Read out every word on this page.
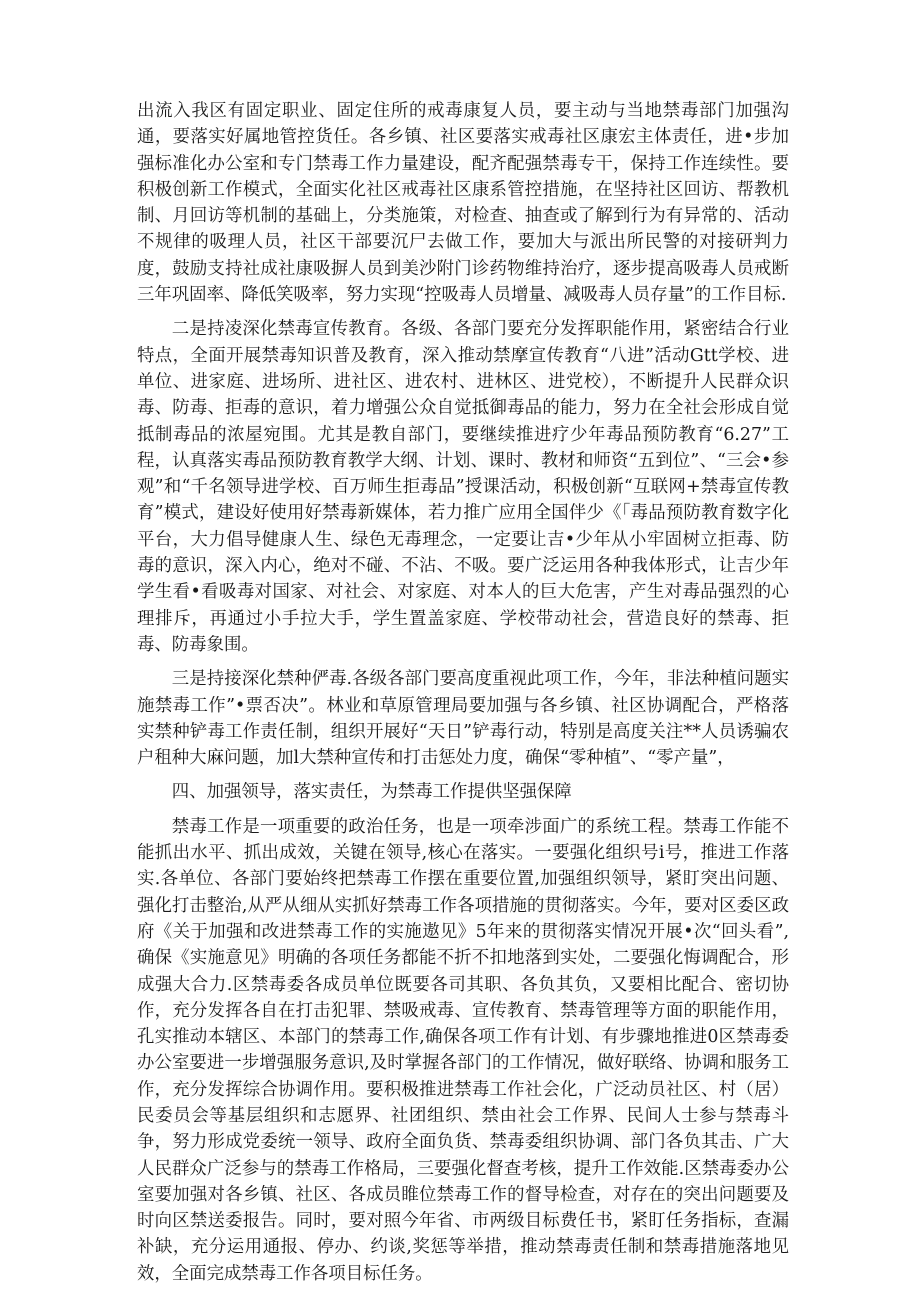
出流入我区有固定职业、固定住所的戒毒康复人员，要主动与当地禁毒部门加强沟通，要落实好属地管控货任。各乡镇、社区要落实戒毒社区康宏主体责任，进•步加强标准化办公室和专门禁毒工作力量建设，配齐配强禁毒专干，保持工作连续性。要积极创新工作模式，全面实化社区戒毒社区康系管控措施，在坚持社区回访、帮教机制、月回访等机制的基础上，分类施策，对检查、抽查或了解到行为有异常的、活动不规律的吸理人员，社区干部要沉尸去做工作，要加大与派出所民警的对接研判力度，鼓励支持社成社康吸摒人员到美沙附门诊药物维持治疗，逐步提高吸毒人员戒断三年巩固率、降低笑吸率，努力实现“控吸毒人员增量、减吸毒人员存量”的工作目标.

二是持凌深化禁毒宣传教育。各级、各部门要充分发挥职能作用，紧密结合行业特点，全面开展禁毒知识普及教育，深入推动禁摩宣传教育“八进”活动Gtt学校、进单位、进家庭、进场所、进社区、进农村、进林区、进党校），不断提升人民群众识毒、防毒、拒毒的意识，着力增强公众自觉抵御毒品的能力，努力在全社会形成自觉抵制毒品的浓屋宛围。尤其是教自部门，要继续推进疗少年毒品预防教育“6.27”工程，认真落实毒品预防教育教学大纲、计划、课时、教材和师资“五到位”、“三会•参观”和“千名领导进学校、百万师生拒毒品”授课活动，积极创新“互联网+禁毒宣传教育”模式，建设好使用好禁毒新媒体，若力推广应用全国伴少《「毒品预防教育数字化平台，大力倡导健康人生、绿色无毒理念，一定要让吉•少年从小牢固树立拒毒、防毒的意识，深入内心，绝对不碰、不沾、不吸。要广泛运用各种我体形式，让吉少年学生看•看吸毒对国家、对社会、对家庭、对本人的巨大危害，产生对毒品强烈的心理排斥，再通过小手拉大手，学生置盖家庭、学校带动社会，营造良好的禁毒、拒毒、防毒象围。

三是持接深化禁种俨毒.各级各部门要高度重视此项工作，今年，非法种植问题实施禁毒工作”•票否决”。林业和草原管理局要加强与各乡镇、社区协调配合，严格落实禁种铲毒工作责任制，组织开展好“天日”铲毒行动，特别是高度关注**人员诱骗农户租种大麻问题，加l大禁种宣传和打击惩处力度，确保“零种植”、“零产量”，

四、加强领导，落实责任，为禁毒工作提供坚强保障

禁毒工作是一项重要的政治任务，也是一项牵涉面广的系统工程。禁毒工作能不能抓出水平、抓出成效，关键在领导,核心在落实。一要强化组织号i号，推进工作落实.各单位、各部门要始终把禁毒工作摆在重要位置,加强组织领导，紧盯突出问题、强化打击整治,从严从细从实抓好禁毒工作各项措施的贯彻落实。今年，要对区委区政府《关于加强和改进禁毒工作的实施遨见》5年来的贯彻落实情况开展•次“回头看”,确保《实施意见》明确的各项任务都能不折不扣地落到实处，二要强化悔调配合，形成强大合力.区禁毒委各成员单位既要各司其职、各负其负，又要相比配合、密切协作，充分发挥各自在打击犯罪、禁吸戒毒、宣传教育、禁毒管理等方面的职能作用，孔实推动本辖区、本部门的禁毒工作,确保各项工作有计划、有步骤地推进0区禁毒委办公室要进一步增强服务意识,及时掌握各部门的工作情况，做好联络、协调和服务工作，充分发挥综合协调作用。要积极推进禁毒工作社会化，广泛动员社区、村（居）民委员会等基层组织和志愿界、社团组织、禁由社会工作界、民间人士参与禁毒斗争，努力形成党委统一领导、政府全面负货、禁毒委组织协调、部门各负其击、广大人民群众广泛参与的禁毒工作格局，三要强化督查考核，提升工作效能.区禁毒委办公室要加强对各乡镇、社区、各成员睢位禁毒工作的督导检查，对存在的突出问题要及时向区禁送委报告。同时，要对照今年省、市两级目标费任书，紧盯任务指标，查漏补缺，充分运用通报、停办、约谈,奖惩等举措，推动禁毒责任制和禁毒措施落地见效，全面完成禁毒工作各项目标任务。
